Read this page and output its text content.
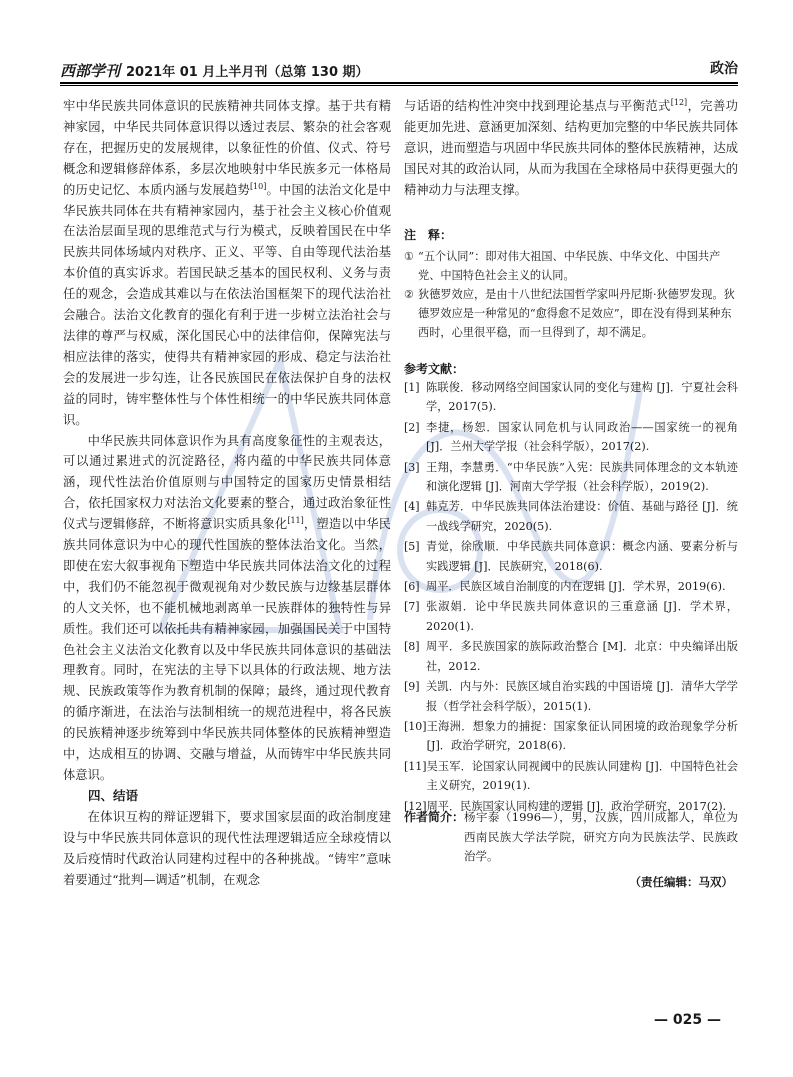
西部学刊 2021年 01 月上半月刊（总第 130 期）	政治

牢中华民族共同体意识的民族精神共同体支撑。基于共有精神家园，中华民共同体意识得以透过表层、繁杂的社会客观存在，把握历史的发展规律，以象征性的价值、仪式、符号概念和逻辑修辞体系，多层次地映射中华民族多元一体格局的历史记忆、本质内涵与发展趋势[10]。中国的法治文化是中华民族共同体在共有精神家园内，基于社会主义核心价值观在法治层面呈现的思维范式与行为模式，反映着国民在中华民族共同体场域内对秩序、正义、平等、自由等现代法治基本价值的真实诉求。若国民缺乏基本的国民权利、义务与责任的观念，会造成其难以与在依法治国框架下的现代法治社会融合。法治文化教育的强化有利于进一步树立法治社会与法律的尊严与权威，深化国民心中的法律信仰，保障宪法与相应法律的落实，使得共有精神家园的形成、稳定与法治社会的发展进一步勾连，让各民族国民在依法保护自身的法权益的同时，铸牢整体性与个体性相统一的中华民族共同体意识。

中华民族共同体意识作为具有高度象征性的主观表达，可以通过累进式的沉淀路径，将内蕴的中华民族共同体意涵，现代性法治价值原则与中国特定的国家历史情景相结合，依托国家权力对法治文化要素的整合，通过政治象征性仪式与逻辑修辞，不断将意识实质具象化[11]，塑造以中华民族共同体意识为中心的现代性国族的整体法治文化。当然，即使在宏大叙事视角下塑造中华民族共同体法治文化的过程中，我们仍不能忽视于微观视角对少数民族与边缘基层群体的人文关怀，也不能机械地剥离单一民族群体的独特性与异质性。我们还可以依托共有精神家园，加强国民关于中国特色社会主义法治文化教育以及中华民族共同体意识的基础法理教育。同时，在宪法的主导下以具体的行政法规、地方法规、民族政策等作为教育机制的保障；最终，通过现代教育的循序渐进，在法治与法制相统一的规范进程中，将各民族的民族精神逐步统筹到中华民族共同体整体的民族精神塑造中，达成相互的协调、交融与增益，从而铸牢中华民族共同体意识。

四、结语

在体识互构的辩证逻辑下，要求国家层面的政治制度建设与中华民族共同体意识的现代性法理逻辑适应全球疫情以及后疫情时代政治认同建构过程中的各种挑战。“铸牢”意味着要通过“批判—调适”机制，在观念

与话语的结构性冲突中找到理论基点与平衡范式[12]，完善功能更加先进、意涵更加深刻、结构更加完整的中华民族共同体意识，进而塑造与巩固中华民族共同体的整体民族精神，达成国民对其的政治认同，从而为我国在全球格局中获得更强大的精神动力与法理支撑。

注　释：
① “五个认同”：即对伟大祖国、中华民族、中华文化、中国共产党、中国特色社会主义的认同。
② 狄德罗效应，是由十八世纪法国哲学家叫丹尼斯·狄德罗发现。狄德罗效应是一种常见的“愈得愈不足效应”，即在没有得到某种东西时，心里很平稳，而一旦得到了，却不满足。
参考文献：
[1] 陈联俊．移动网络空间国家认同的变化与建构 [J]．宁夏社会科学，2017(5).
[2] 李捷，杨恕．国家认同危机与认同政治——国家统一的视角 [J]．兰州大学学报（社会科学版），2017(2).
[3] 王翔，李慧勇．“中华民族”入宪：民族共同体理念的文本轨迹和演化逻辑 [J]．河南大学学报（社会科学版），2019(2).
[4] 韩克芳．中华民族共同体法治建设：价值、基础与路径 [J]．统一战线学研究，2020(5).
[5] 青觉，徐欣顺．中华民族共同体意识：概念内涵、要素分析与实践逻辑 [J]．民族研究，2018(6).
[6] 周平．民族区域自治制度的内在逻辑 [J]．学术界，2019(6).
[7] 张淑娟．论中华民族共同体意识的三重意涵 [J]．学术界，2020(1).
[8] 周平．多民族国家的族际政治整合 [M]．北京：中央编译出版社，2012.
[9] 关凯．内与外：民族区域自治实践的中国语境 [J]．清华大学学报（哲学社会科学版），2015(1).
[10] 王海洲．想象力的捕捉：国家象征认同困境的政治现象学分析 [J]．政治学研究，2018(6).
[11] 吴玉军．论国家认同视阈中的民族认同建构 [J]．中国特色社会主义研究，2019(1).
[12] 周平．民族国家认同构建的逻辑 [J]．政治学研究，2017(2).
作者简介： 杨宇泰（1996—），男，汉族，四川成都人，单位为西南民族大学法学院，研究方向为民族法学、民族政治学。
（责任编辑：马双）
— 025 —
